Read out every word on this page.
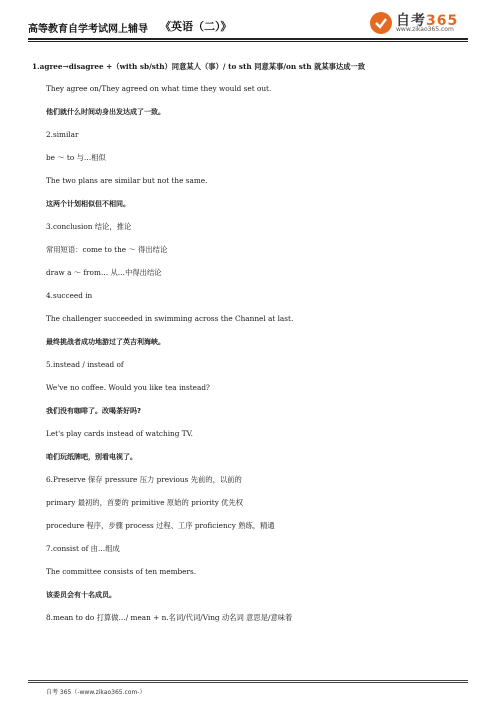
高等教育自学考试网上辅导 《英语（二）》	自考365
www.zikao365.com
1.agree→disagree +（with sb/sth）同意某人（事）/ to sth 同意某事/on sth 就某事达成一致
They agree on/They agreed on what time they would set out.
他们就什么时间动身出发达成了一致。
2.similar
be ～ to 与…相似
The two plans are similar but not the same.
这两个计划相似但不相同。
3.conclusion 结论，推论
常用短语：come to the ～ 得出结论
draw a ～ from… 从…中得出结论
4.succeed in
The challenger succeeded in swimming across the Channel at last.
最终挑战者成功地游过了英吉利海峡。
5.instead / instead of
We've no coffee. Would you like tea instead?
我们没有咖啡了。改喝茶好吗?
Let's play cards instead of watching TV.
咱们玩纸牌吧，别看电视了。
6.Preserve 保存 pressure 压力 previous 先前的，以前的
primary 最初的，首要的 primitive 原始的 priority 优先权
procedure 程序，步骤 process 过程、工序 proficiency 熟练，精通
7.consist of 由…组成
The committee consists of ten members.
该委员会有十名成员。
8.mean to do 打算做…/ mean + n.名词/代词/Ving 动名词 意思是/意味着
自考 365（-www.zikao365.com-）
